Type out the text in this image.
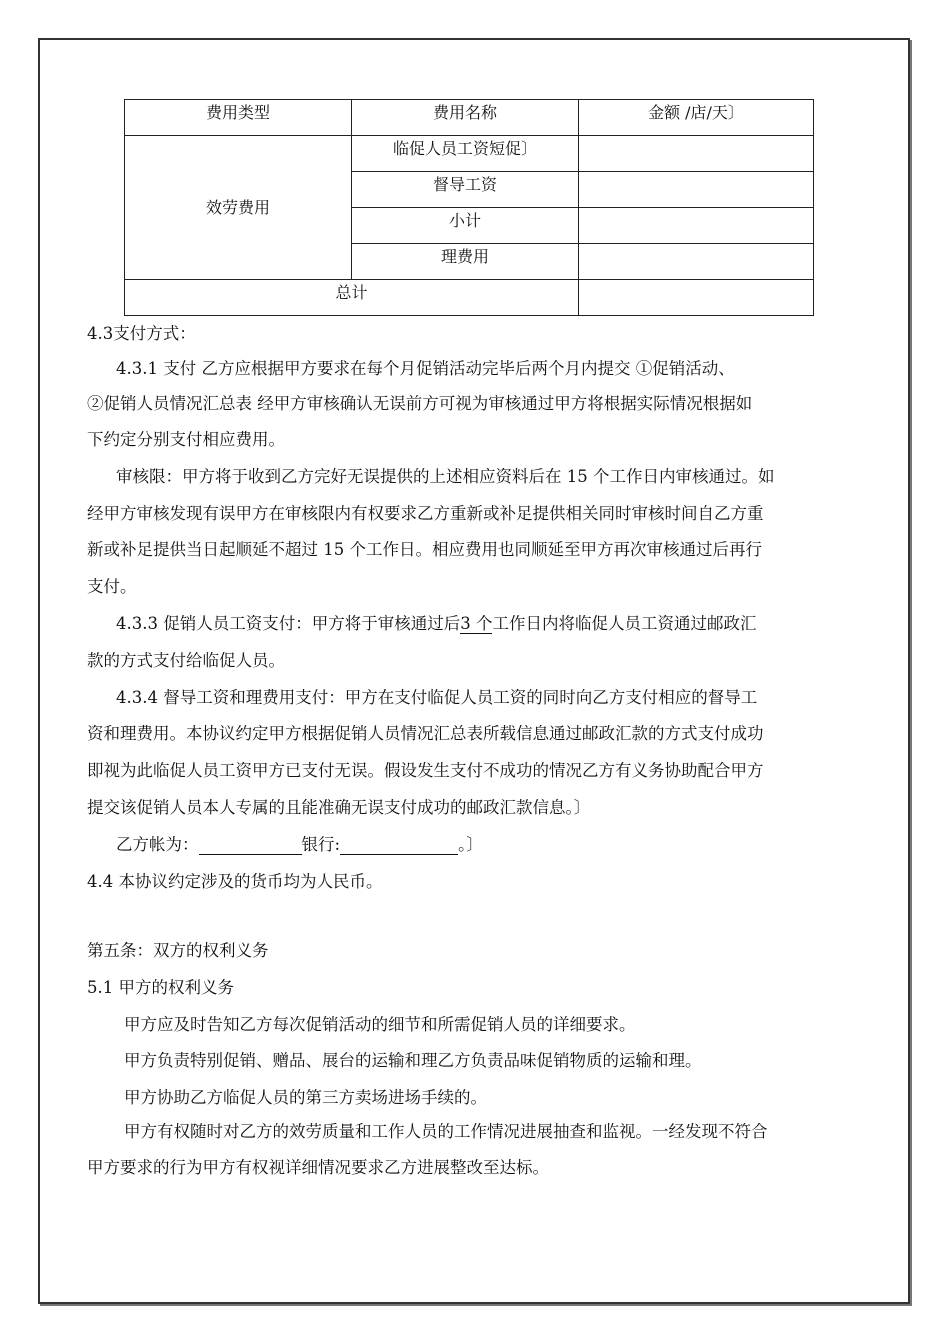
费用类型	费用名称	金额 /店/天〕
效劳费用	临促人员工资短促〕	
	督导工资	
	小计	
	理费用	
总计		
4.3支付方式：
4.3.1 支付 乙方应根据甲方要求在每个月促销活动完毕后两个月内提交 ①促销活动、
②促销人员情况汇总表 经甲方审核确认无误前方可视为审核通过甲方将根据实际情况根据如
下约定分别支付相应费用。
审核限：甲方将于收到乙方完好无误提供的上述相应资料后在 15 个工作日内审核通过。如
经甲方审核发现有误甲方在审核限内有权要求乙方重新或补足提供相关同时审核时间自乙方重
新或补足提供当日起顺延不超过 15 个工作日。相应费用也同顺延至甲方再次审核通过后再行
支付。
4.3.3 促销人员工资支付：甲方将于审核通过后3 个工作日内将临促人员工资通过邮政汇
款的方式支付给临促人员。
4.3.4 督导工资和理费用支付：甲方在支付临促人员工资的同时向乙方支付相应的督导工
资和理费用。本协议约定甲方根据促销人员情况汇总表所载信息通过邮政汇款的方式支付成功
即视为此临促人员工资甲方已支付无误。假设发生支付不成功的情况乙方有义务协助配合甲方
提交该促销人员本人专属的且能准确无误支付成功的邮政汇款信息。〕
乙方帐为：	银行:	。〕
4.4 本协议约定涉及的货币均为人民币。
第五条：双方的权利义务
5.1 甲方的权利义务
甲方应及时告知乙方每次促销活动的细节和所需促销人员的详细要求。
甲方负责特别促销、赠品、展台的运输和理乙方负责品味促销物质的运输和理。
甲方协助乙方临促人员的第三方卖场进场手续的。
甲方有权随时对乙方的效劳质量和工作人员的工作情况进展抽查和监视。一经发现不符合
甲方要求的行为甲方有权视详细情况要求乙方进展整改至达标。
